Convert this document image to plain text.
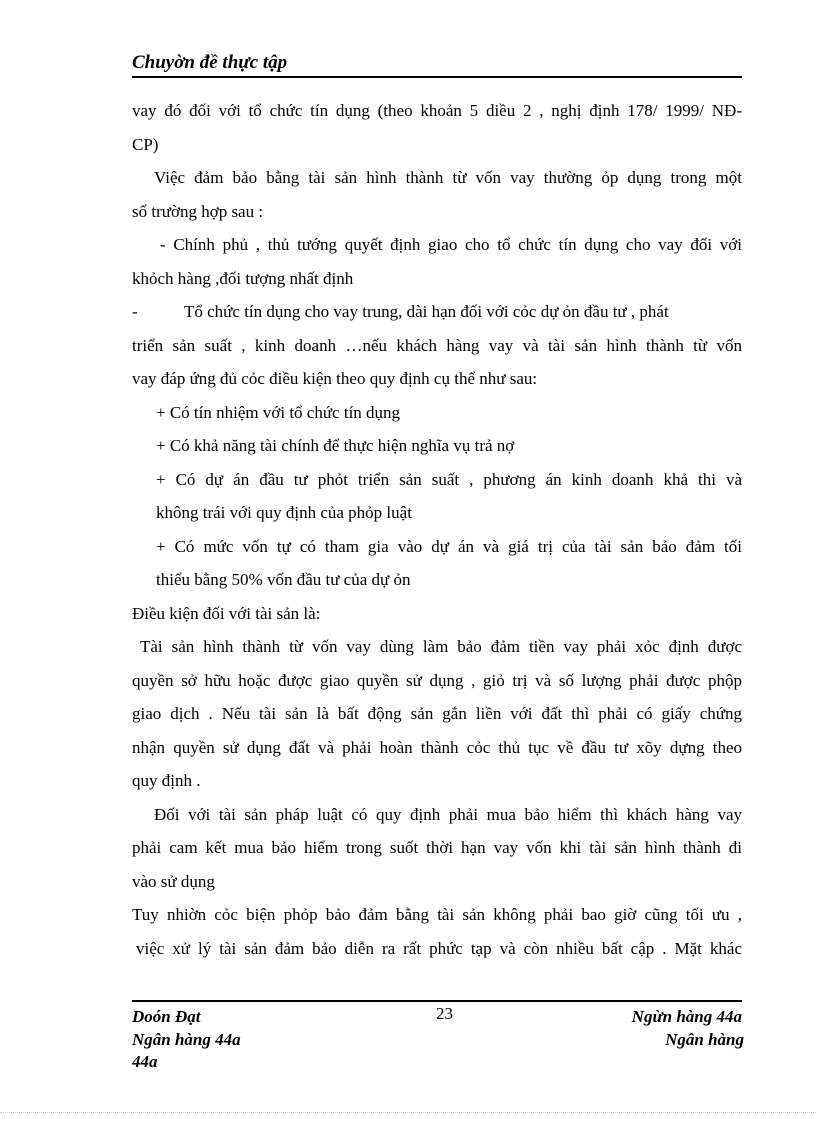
Chuyờn đề thực tập
vay đó đối với tổ chức tín dụng (theo khoản 5 diều 2 , nghị định 178/ 1999/ NĐ-
CP)
Việc đảm bảo bằng tài sản hình thành từ vốn vay thường ỏp dụng trong một
số trường hợp sau :
- Chính phủ , thủ tướng quyết định giao cho tổ chức tín dụng cho vay đối với
khỏch hàng ,đối tượng nhất định
-	Tổ chức tín dụng cho vay trung, dài hạn đối với cỏc dự ỏn đầu tư , phát
triển sản suất , kinh doanh …nếu khách hàng vay và tài sản hình thành từ vốn
vay đáp ứng đủ cỏc điều kiện theo quy định cụ thể như sau:
+ Có tín nhiệm với tổ chức tín dụng
+ Có khả năng tài chính để thực hiện nghĩa vụ trả nợ
+ Có dự án đầu tư phỏt triển sản suất , phương án kinh doanh khả thi và
không trái với quy định của phỏp luật
+ Có mức vốn tự có tham gia vào dự án và giá trị của tài sản bảo đảm tối
thiểu bằng 50% vốn đầu tư của dự ỏn
Điều kiện đối với tài sản là:
Tài sản hình thành từ vốn vay dùng làm bảo đảm tiền vay phải xỏc định được
quyền sở hữu hoặc được giao quyền sử dụng , giỏ trị và số lượng phải được phộp
giao dịch . Nếu tài sản là bất động sản gắn liền với đất thì phải có giấy chứng
nhận quyền sử dụng đất và phải hoàn thành cỏc thủ tục về đầu tư xõy dựng theo
quy định .
Đối với tài sản pháp luật có quy định phải mua bảo hiểm thì khách hàng vay
phải cam kết mua bảo hiểm trong suốt thời hạn vay vốn khi tài sản hình thành đi
vào sử dụng
Tuy nhiờn cỏc biện phỏp bảo đảm bằng tài sản không phải bao giờ cũng tối ưu ,
việc xử lý tài sản đảm bảo diễn ra rất phức tạp và còn nhiều bất cập . Mặt khác
Doón Đạt	23	Ngừn hàng 44a
Ngân hàng 44a	Ngân hàng
44a
